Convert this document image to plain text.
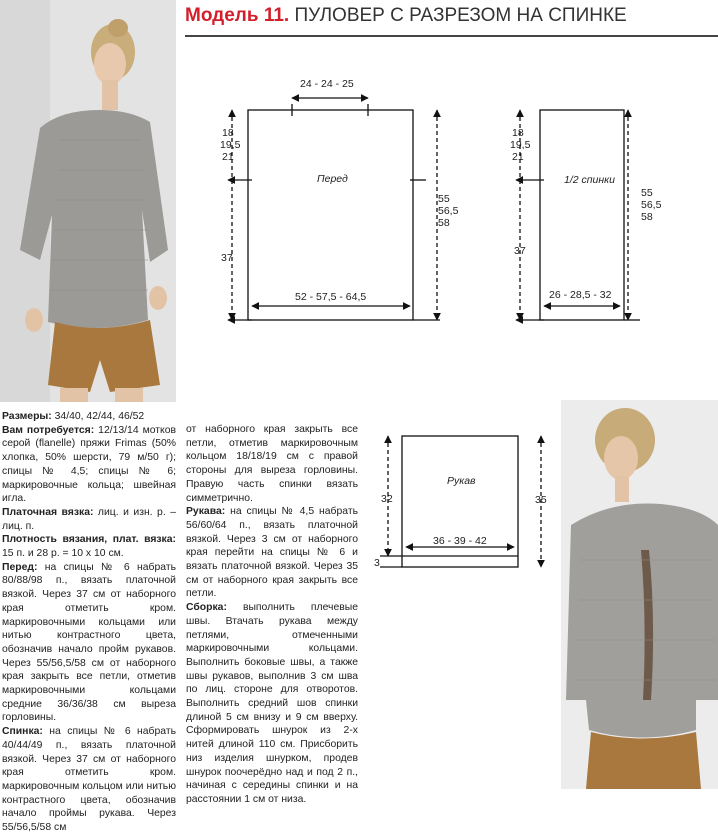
Модель 11. ПУЛОВЕР С РАЗРЕЗОМ НА СПИНКЕ
24 - 24 - 25
18
19,5
21
Перед
37
55
56,5
58
52 - 57,5 - 64,5
18
19,5
21
1/2 спинки
37
55
56,5
58
26 - 28,5 - 32
Рукав
32	35
36 - 39 - 42
3

Размеры: 34/40, 42/44, 46/52

Вам потребуется: 12/13/14 мотков серой (flanelle) пряжи Frimas (50% хлопка, 50% шерсти, 79 м/50 г); спицы № 4,5; спицы № 6; маркировочные кольца; швейная игла.

Платочная вязка: лиц. и изн. р. – лиц. п.

Плотность вязания, плат. вязка: 15 п. и 28 р. = 10 х 10 см.

Перед: на спицы № 6 набрать 80/88/98 п., вязать платочной вязкой. Через 37 см от наборного края отметить кром. маркировочными кольцами или нитью контрастного цвета, обозначив начало пройм рукавов. Через 55/56,5/58 см от наборного края закрыть все петли, отметив маркировочными кольцами средние 36/36/38 см выреза горловины.

Спинка: на спицы № 6 набрать 40/44/49 п., вязать платочной вязкой. Через 37 см от наборного края отметить кром. маркировочным кольцом или нитью контрастного цвета, обозначив начало проймы рукава. Через 55/56,5/58 см

от наборного края закрыть все петли, отметив маркировочным кольцом 18/18/19 см с правой стороны для выреза горловины. Правую часть спинки вязать симметрично.

Рукава: на спицы № 4,5 набрать 56/60/64 п., вязать платочной вязкой. Через 3 см от наборного края перейти на спицы № 6 и вязать платочной вязкой. Через 35 см от наборного края закрыть все петли.

Сборка: выполнить плечевые швы. Втачать рукава между петлями, отмеченными маркировочными кольцами. Выполнить боковые швы, а также швы рукавов, выполнив 3 см шва по лиц. стороне для отворотов. Выполнить средний шов спинки длиной 5 см внизу и 9 см вверху. Сформировать шнурок из 2-х нитей длиной 110 см. Присборить низ изделия шнурком, продев шнурок поочерёдно над и под 2 п., начиная с середины спинки и на расстоянии 1 см от низа.
